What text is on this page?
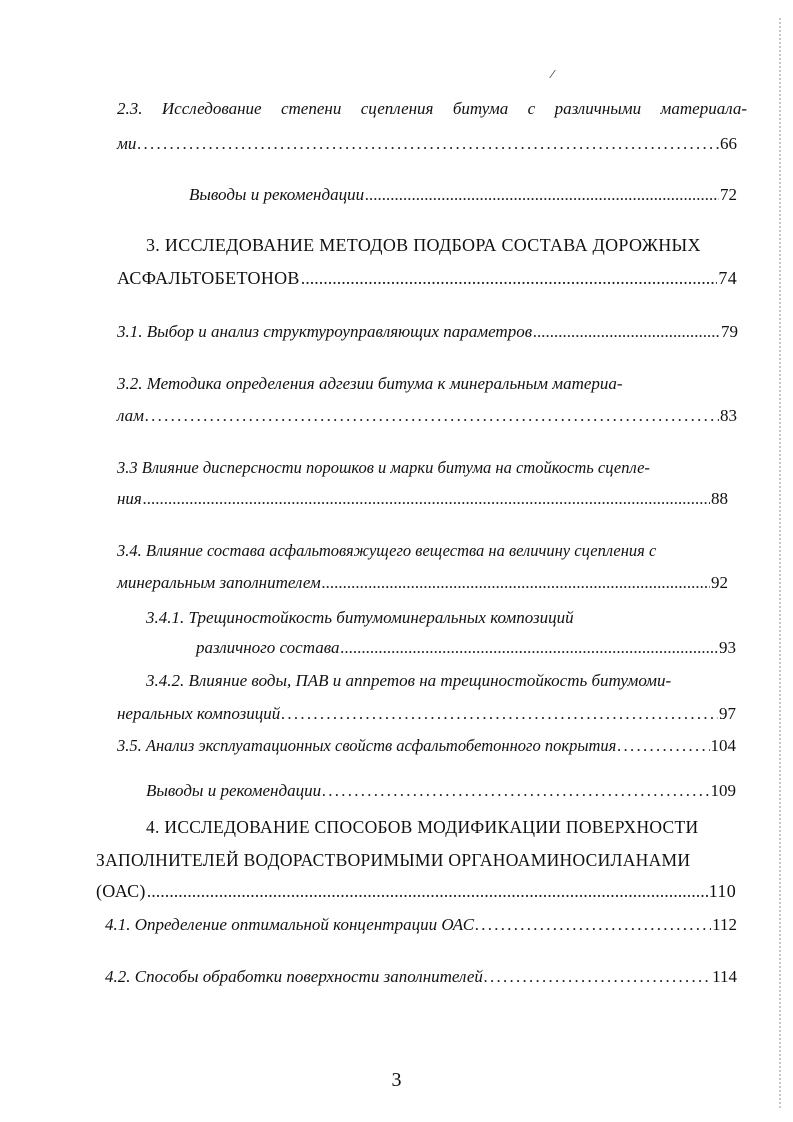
2.3. Исследование степени сцепления битума с различными материала-
ми . . .	66
Выводы и рекомендации .....	72
3. ИССЛЕДОВАНИЕ МЕТОДОВ ПОДБОРА СОСТАВА ДОРОЖНЫХ
АСФАЛЬТОБЕТОНОВ .....	74
3.1. Выбор и анализ структуроуправляющих параметров .....	79
3.2. Методика определения адгезии битума к минеральным материа-
лам . . .	83
3.3 Влияние дисперсности порошков и марки битума на стойкость сцепле-
ния .....	88
3.4. Влияние состава асфальтовяжущего вещества на величину сцепления с
минеральным заполнителем .....	92
3.4.1. Трещиностойкость битумоминеральных композиций
различного состава .....	93
3.4.2. Влияние воды, ПАВ и аппретов на трещиностойкость битумоми-
неральных композиций . . .	97
3.5. Анализ эксплуатационных свойств асфальтобетонного покрытия . . .	104
Выводы и рекомендации . . .	109
4. ИССЛЕДОВАНИЕ СПОСОБОВ МОДИФИКАЦИИ ПОВЕРХНОСТИ
ЗАПОЛНИТЕЛЕЙ ВОДОРАСТВОРИМЫМИ ОРГАНОАМИНОСИЛАНАМИ
(ОАС) .....	110
4.1. Определение оптимальной концентрации ОАС . . .	112
4.2. Способы обработки поверхности заполнителей . . .	114
3
